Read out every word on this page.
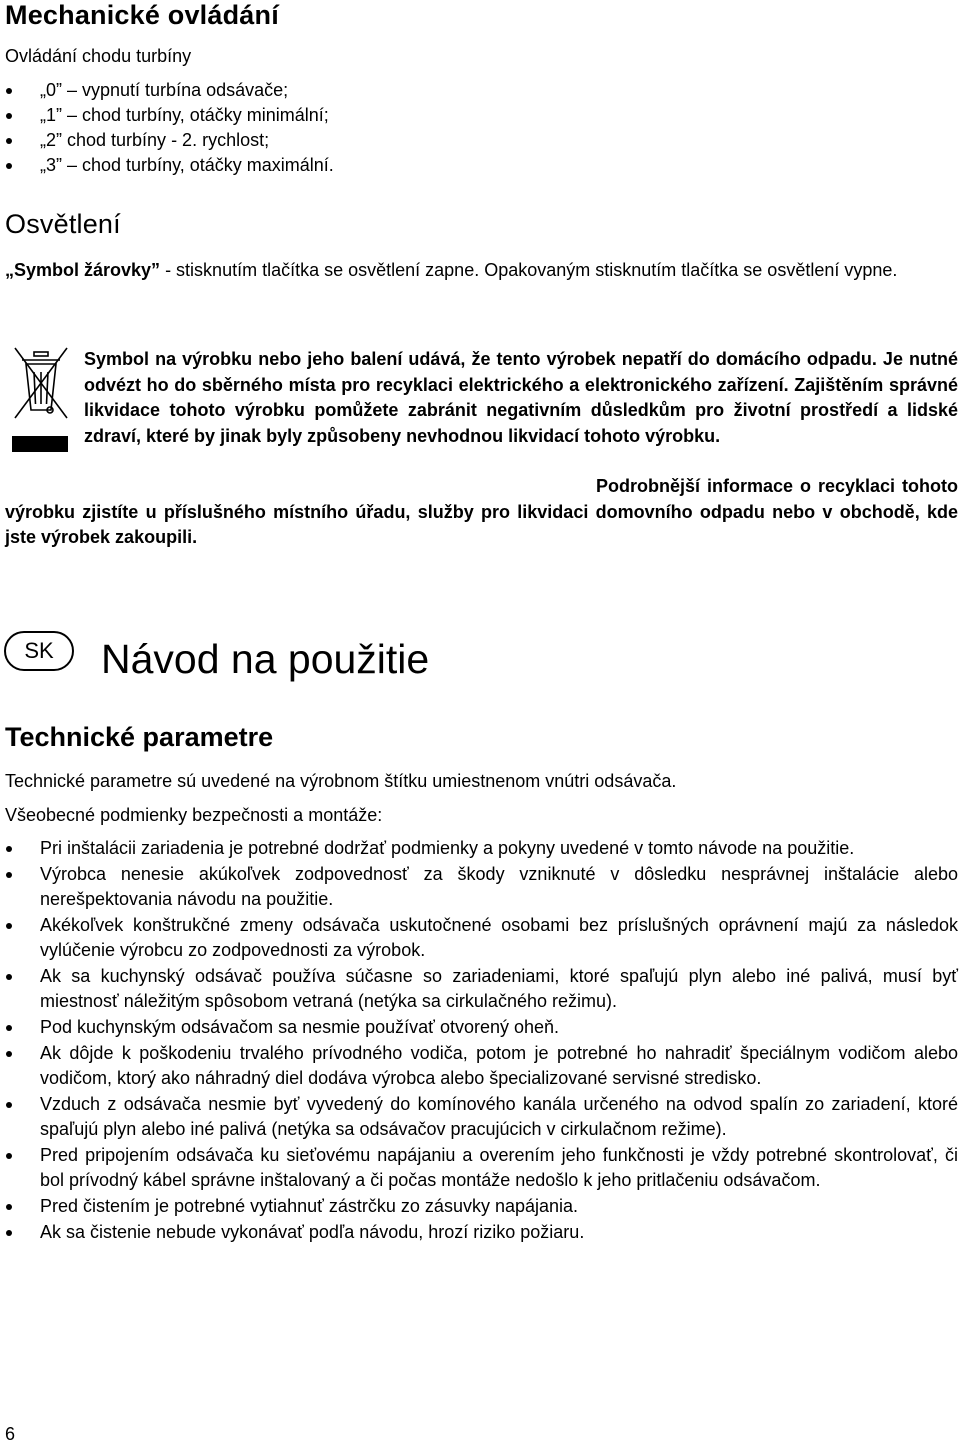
Mechanické ovládání

Ovládání chodu turbíny

„0” – vypnutí turbína odsávače;
„1” – chod turbíny, otáčky minimální;
„2” chod turbíny - 2. rychlost;
„3” – chod turbíny, otáčky maximální.
Osvětlení

„Symbol žárovky” - stisknutím tlačítka se osvětlení zapne. Opakovaným stisknutím tlačítka se osvětlení vypne.

Symbol na výrobku nebo jeho balení udává, že tento výrobek nepatří do domácího odpadu. Je nutné odvézt ho do sběrného místa pro recyklaci elektrického a elektronického zařízení. Zajištěním správné likvidace tohoto výrobku pomůžete zabránit negativním důsledkům pro životní prostředí a lidské zdraví, které by jinak byly způsobeny nevhodnou likvidací tohoto výrobku.

Podrobnější informace o recyklaci tohoto výrobku zjistíte u příslušného místního úřadu, služby pro likvidaci domovního odpadu nebo v obchodě, kde jste výrobek zakoupili.

SK Návod na použitie
Technické parametre

Technické parametre sú uvedené na výrobnom štítku umiestnenom vnútri odsávača.

Všeobecné podmienky bezpečnosti a montáže:

Pri inštalácii zariadenia je potrebné dodržať podmienky a pokyny uvedené v tomto návode na použitie.
Výrobca nenesie akúkoľvek zodpovednosť za škody vzniknuté v dôsledku nesprávnej inštalácie alebo nerešpektovania návodu na použitie.
Akékoľvek konštrukčné zmeny odsávača uskutočnené osobami bez príslušných oprávnení majú za následok vylúčenie výrobcu zo zodpovednosti za výrobok.
Ak sa kuchynský odsávač používa súčasne so zariadeniami, ktoré spaľujú plyn alebo iné palivá, musí byť miestnosť náležitým spôsobom vetraná (netýka sa cirkulačného režimu).
Pod kuchynským odsávačom sa nesmie používať otvorený oheň.
Ak dôjde k poškodeniu trvalého prívodného vodiča, potom je potrebné ho nahradiť špeciálnym vodičom alebo vodičom, ktorý ako náhradný diel dodáva výrobca alebo špecializované servisné stredisko.
Vzduch z odsávača nesmie byť vyvedený do komínového kanála určeného na odvod spalín zo zariadení, ktoré spaľujú plyn alebo iné palivá (netýka sa odsávačov pracujúcich v cirkulačnom režime).
Pred pripojením odsávača ku sieťovému napájaniu a overením jeho funkčnosti je vždy potrebné skontrolovať, či bol prívodný kábel správne inštalovaný a či počas montáže nedošlo k jeho pritlačeniu odsávačom.
Pred čistením je potrebné vytiahnuť zástrčku zo zásuvky napájania.
Ak sa čistenie nebude vykonávať podľa návodu, hrozí riziko požiaru.
6
